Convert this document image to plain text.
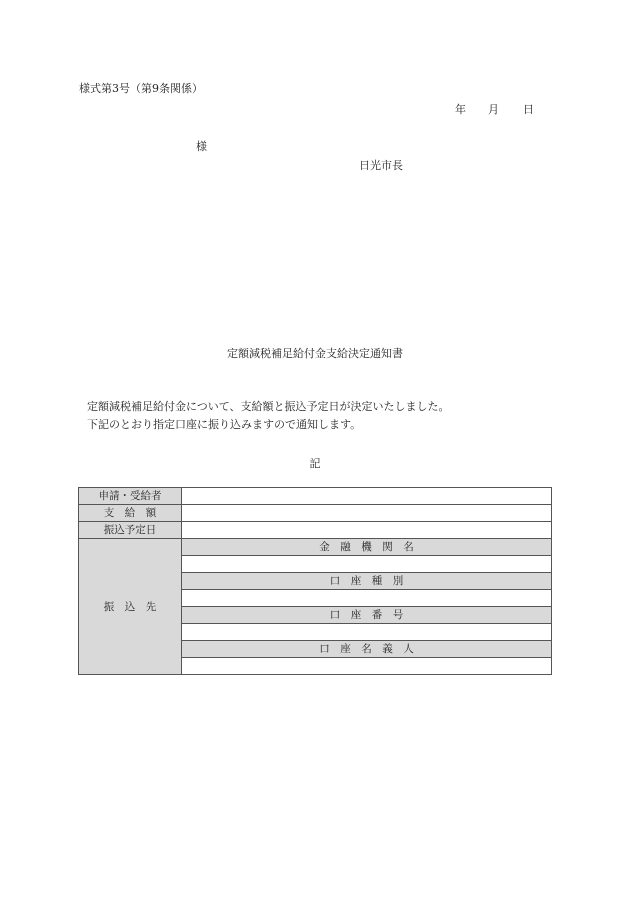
様式第3号（第9条関係）
年 月 日
様
日光市長
定額減税補足給付金支給決定通知書
定額減税補足給付金について、支給額と振込予定日が決定いたしました。
下記のとおり指定口座に振り込みますので通知します。
記
申請・受給者	
支　給　額	
振込予定日	
振　込　先	金　融　機　関　名

	口　座　種　別

	口　座　番　号

	口　座　名　義　人
